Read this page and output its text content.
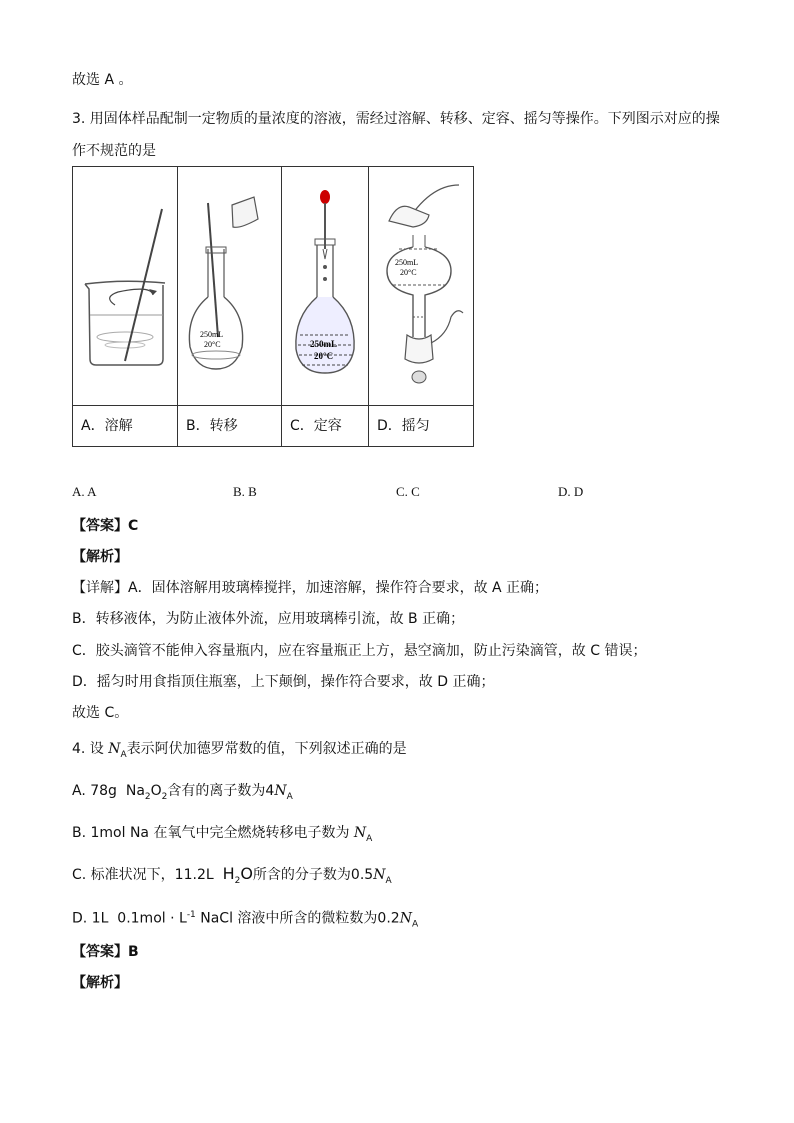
故选 A 。
3. 用固体样品配制一定物质的量浓度的溶液，需经过溶解、转移、定容、摇匀等操作。下列图示对应的操
作不规范的是

250mL
20°C	250mL
20°C	250mL
20°C

A．溶解	B．转移	C．定容	D．摇匀
A. A	B. B	C. C	D. D
【答案】C
【解析】
【详解】A．固体溶解用玻璃棒搅拌，加速溶解，操作符合要求，故 A 正确；
B．转移液体，为防止液体外流，应用玻璃棒引流，故 B 正确；
C．胶头滴管不能伸入容量瓶内，应在容量瓶正上方，悬空滴加，防止污染滴管，故 C 错误；
D．摇匀时用食指顶住瓶塞，上下颠倒，操作符合要求，故 D 正确；
故选 C。
4. 设 $N_A$表示阿伏加德罗常数的值，下列叙述正确的是
A. 78g $Na_2O_2$含有的离子数为$4N_A$
B. 1mol Na 在氧气中完全燃烧转移电子数为 $N_A$
C. 标准状况下，11.2L $H_2O$所含的分子数为$0.5N_A$
D. 1L $0.1mol \cdot L^{-1}$ NaCl 溶液中所含的微粒数为$0.2N_A$
【答案】B
【解析】
